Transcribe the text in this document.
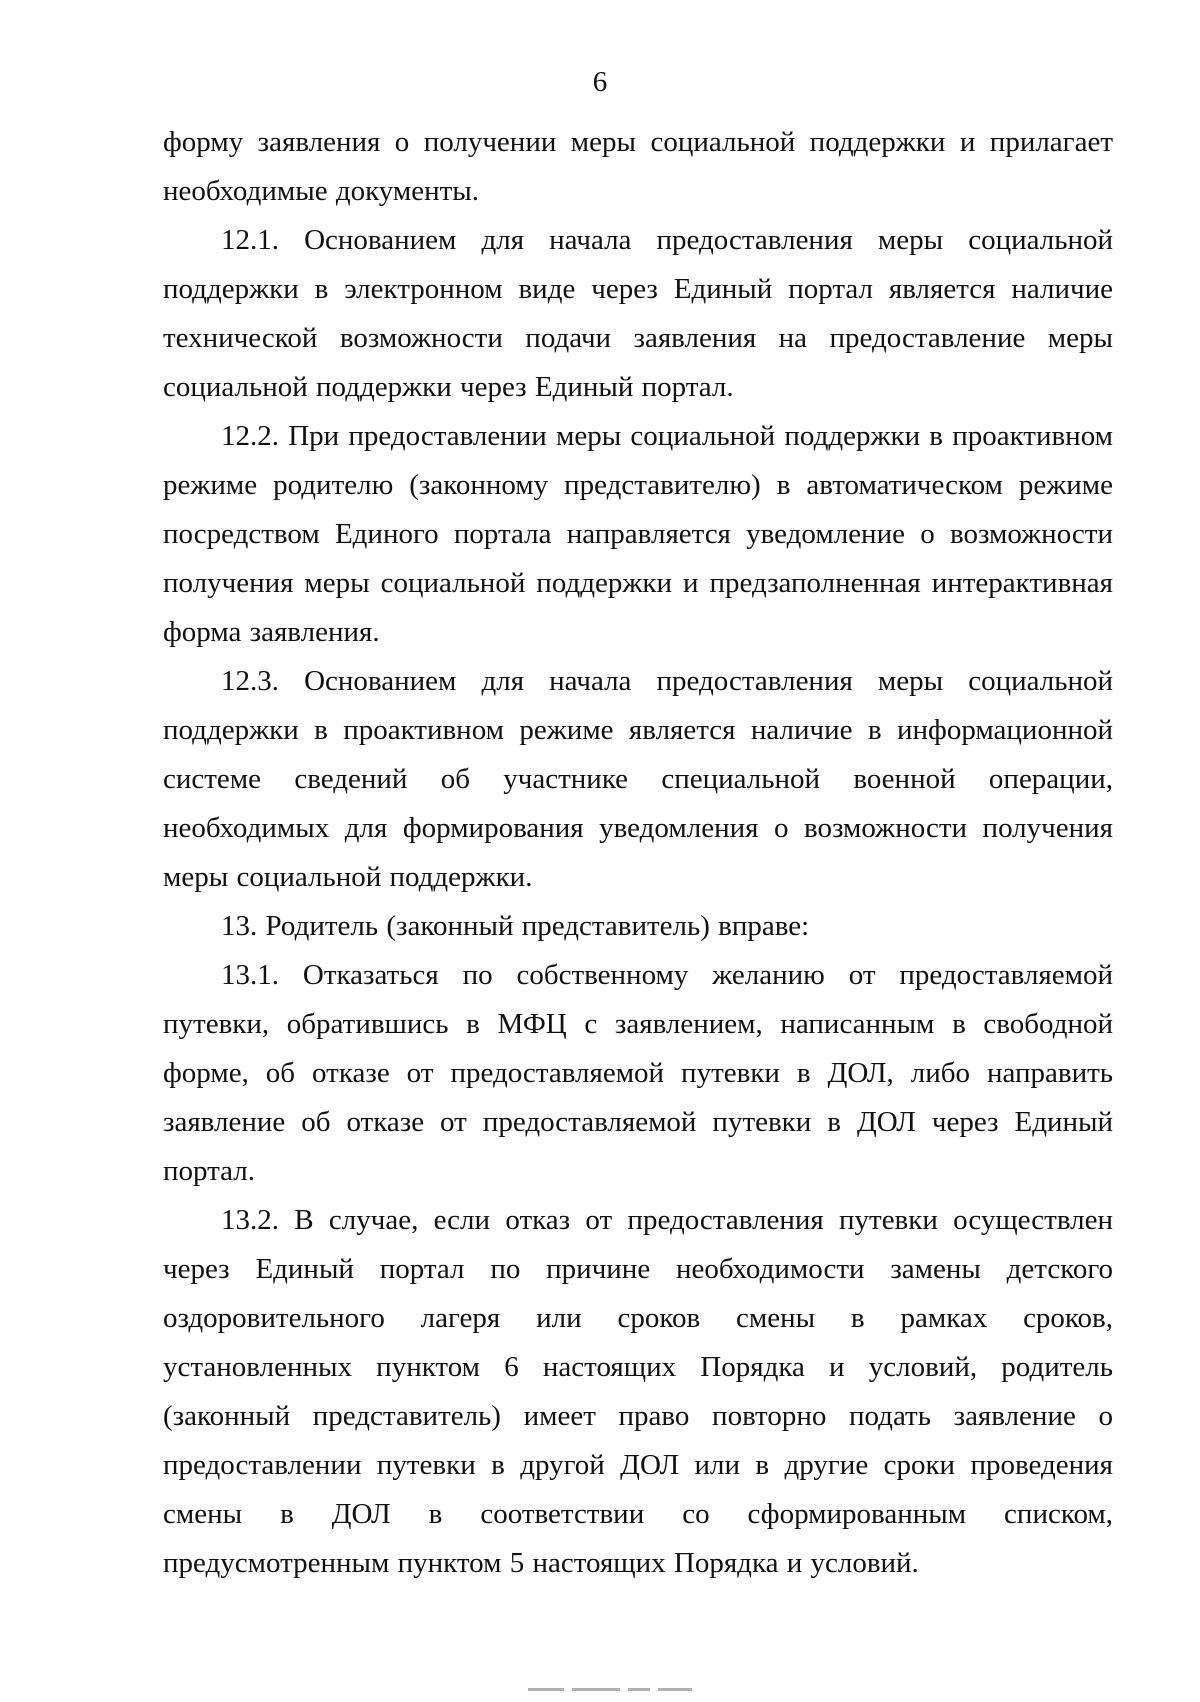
6

форму заявления о получении меры социальной поддержки и прилагает необходимые документы.

12.1. Основанием для начала предоставления меры социальной поддержки в электронном виде через Единый портал является наличие технической возможности подачи заявления на предоставление меры социальной поддержки через Единый портал.

12.2. При предоставлении меры социальной поддержки в проактивном режиме родителю (законному представителю) в автоматическом режиме посредством Единого портала направляется уведомление о возможности получения меры социальной поддержки и предзаполненная интерактивная форма заявления.

12.3. Основанием для начала предоставления меры социальной поддержки в проактивном режиме является наличие в информационной системе сведений об участнике специальной военной операции, необходимых для формирования уведомления о возможности получения меры социальной поддержки.

13. Родитель (законный представитель) вправе:

13.1. Отказаться по собственному желанию от предоставляемой путевки, обратившись в МФЦ с заявлением, написанным в свободной форме, об отказе от предоставляемой путевки в ДОЛ, либо направить заявление об отказе от предоставляемой путевки в ДОЛ через Единый портал.

13.2. В случае, если отказ от предоставления путевки осуществлен через Единый портал по причине необходимости замены детского оздоровительного лагеря или сроков смены в рамках сроков, установленных пунктом 6 настоящих Порядка и условий, родитель (законный представитель) имеет право повторно подать заявление о предоставлении путевки в другой ДОЛ или в другие сроки проведения смены в ДОЛ в соответствии со сформированным списком, предусмотренным пунктом 5 настоящих Порядка и условий.
